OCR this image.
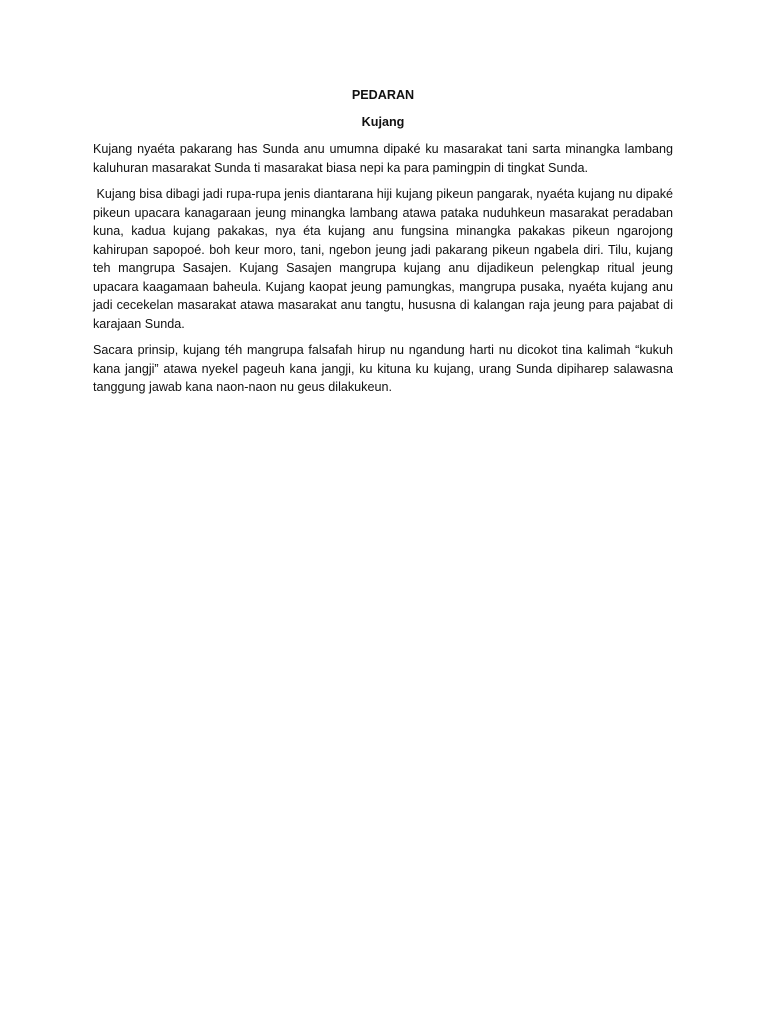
PEDARAN

Kujang

Kujang nyaéta pakarang has Sunda anu umumna dipaké ku masarakat tani sarta minangka lambang kaluhuran masarakat Sunda ti masarakat biasa nepi ka para pamingpin di tingkat Sunda.

Kujang bisa dibagi jadi rupa-rupa jenis diantarana hiji kujang pikeun pangarak, nyaéta kujang nu dipaké pikeun upacara kanagaraan jeung minangka lambang atawa pataka nuduhkeun masarakat peradaban kuna, kadua kujang pakakas, nya éta kujang anu fungsina minangka pakakas pikeun ngarojong kahirupan sapopoé. boh keur moro, tani, ngebon jeung jadi pakarang pikeun ngabela diri. Tilu, kujang teh mangrupa Sasajen. Kujang Sasajen mangrupa kujang anu dijadikeun pelengkap ritual jeung upacara kaagamaan baheula. Kujang kaopat jeung pamungkas, mangrupa pusaka, nyaéta kujang anu jadi cecekelan masarakat atawa masarakat anu tangtu, hususna di kalangan raja jeung para pajabat di karajaan Sunda.

Sacara prinsip, kujang téh mangrupa falsafah hirup nu ngandung harti nu dicokot tina kalimah “kukuh kana jangji” atawa nyekel pageuh kana jangji, ku kituna ku kujang, urang Sunda dipiharep salawasna tanggung jawab kana naon-naon nu geus dilakukeun.
